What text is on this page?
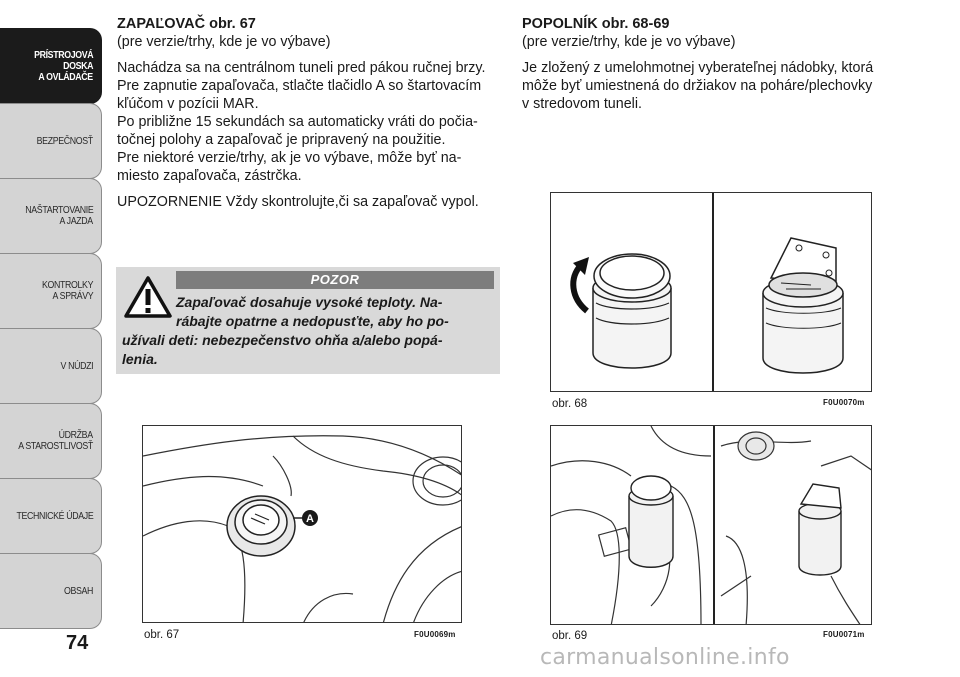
PRÍSTROJOVÁ
DOSKA
A OVLÁDAČE
BEZPEČNOSŤ
NAŠTARTOVANIE
A JAZDA
KONTROLKY
A SPRÁVY
V NÚDZI
ÚDRŽBA
A STAROSTLIVOSŤ
TECHNICKÉ ÚDAJE
OBSAH
74
ZAPAĽOVAČ obr. 67

(pre verzie/trhy, kde je vo výbave)

Nachádza sa na centrálnom tuneli pred pákou ručnej brzy.
Pre zapnutie zapaľovača, stlačte tlačidlo A so štartovacím
kľúčom v pozícii MAR.
Po približne 15 sekundách sa automaticky vráti do počia-
točnej polohy a zapaľovač je pripravený na použitie.
Pre niektoré verzie/trhy, ak je vo výbave, môže byť na-
miesto zapaľovača, zástrčka.

UPOZORNENIE Vždy skontrolujte,či sa zapaľovač vypol.

POZOR
Zapaľovač dosahuje vysoké teploty. Na-
rábajte opatrne a nedopusťte, aby ho po-
užívali deti: nebezpečenstvo ohňa a/alebo popá-
lenia.
POPOLNÍK obr. 68-69

(pre verzie/trhy, kde je vo výbave)

Je zložený z umelohmotnej vyberateľnej nádobky, ktorá
môže byť umiestnená do držiakov na poháre/plechovky
v stredovom tuneli.

A
obr. 67	F0U0069m
obr. 68	F0U0070m
obr. 69	F0U0071m
carmanualsonline.info
